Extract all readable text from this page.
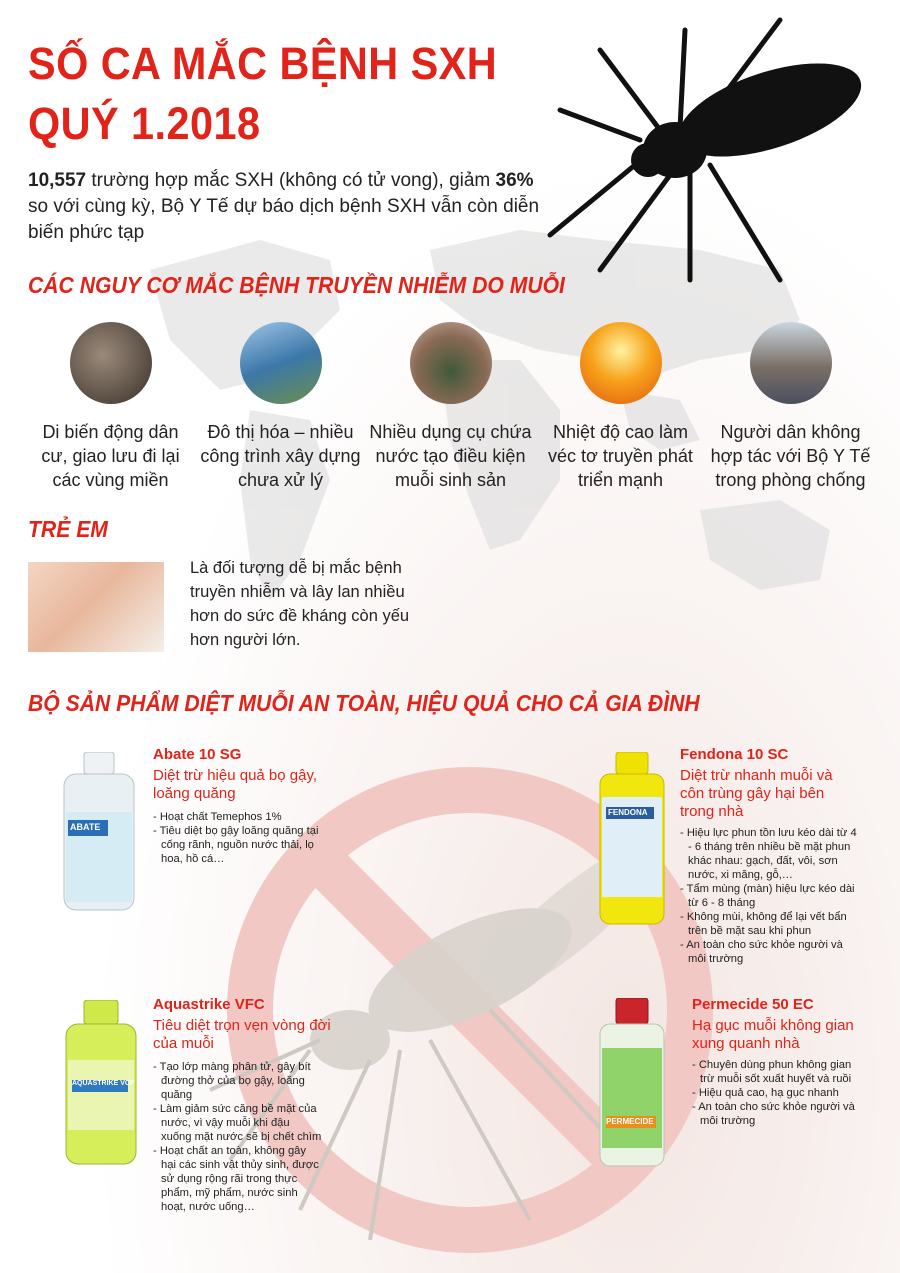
SỐ CA MẮC BỆNH SXH
QUÝ 1.2018
10,557 trường hợp mắc SXH (không có tử vong), giảm 36% so với cùng kỳ, Bộ Y Tế dự báo dịch bệnh SXH vẫn còn diễn biến phức tạp
CÁC NGUY CƠ MẮC BỆNH TRUYỀN NHIỄM DO MUỖI
Di biến động dân cư, giao lưu đi lại các vùng miền
Đô thị hóa – nhiều công trình xây dựng chưa xử lý
Nhiều dụng cụ chứa nước tạo điều kiện muỗi sinh sản
Nhiệt độ cao làm véc tơ truyền phát triển mạnh
Người dân không hợp tác với Bộ Y Tế trong phòng chống
TRẺ EM
Là đối tượng dễ bị mắc bệnh truyền nhiễm và lây lan nhiều hơn do sức đề kháng còn yếu hơn người lớn.
BỘ SẢN PHẨM DIỆT MUỖI AN TOÀN, HIỆU QUẢ CHO CẢ GIA ĐÌNH
Abate 10 SG
Diệt trừ hiệu quả bọ gậy, loăng quăng
- Hoạt chất Temephos 1%
- Tiêu diệt bọ gậy loăng quăng tại cống rãnh, nguồn nước thải, lọ hoa, hồ cá…
Fendona 10 SC
Diệt trừ nhanh muỗi và côn trùng gây hại bên trong nhà
- Hiệu lực phun tồn lưu kéo dài từ 4 - 6 tháng trên nhiều bề mặt phun khác nhau: gạch, đất, vôi, sơn nước, xi măng, gỗ,…
- Tẩm mùng (màn) hiệu lực kéo dài từ 6 - 8 tháng
- Không mùi, không để lại vết bẩn trên bề mặt sau khi phun
- An toàn cho sức khỏe người và môi trường
Aquastrike VFC
Tiêu diệt trọn vẹn vòng đời của muỗi
- Tạo lớp màng phân tử, gây bít đường thở của bọ gậy, loăng quăng
- Làm giảm sức căng bề mặt của nước, vì vậy muỗi khi đậu xuống mặt nước sẽ bị chết chìm
- Hoạt chất an toàn, không gây hại các sinh vật thủy sinh, được sử dụng rộng rãi trong thực phẩm, mỹ phẩm, nước sinh hoạt, nước uống…
Permecide 50 EC
Hạ gục muỗi không gian xung quanh nhà
- Chuyên dùng phun không gian trừ muỗi sốt xuất huyết và ruồi
- Hiệu quả cao, hạ gục nhanh
- An toàn cho sức khỏe người và môi trường
ABATE
FENDONA
AQUASTRIKE VCF
PERMECIDE
